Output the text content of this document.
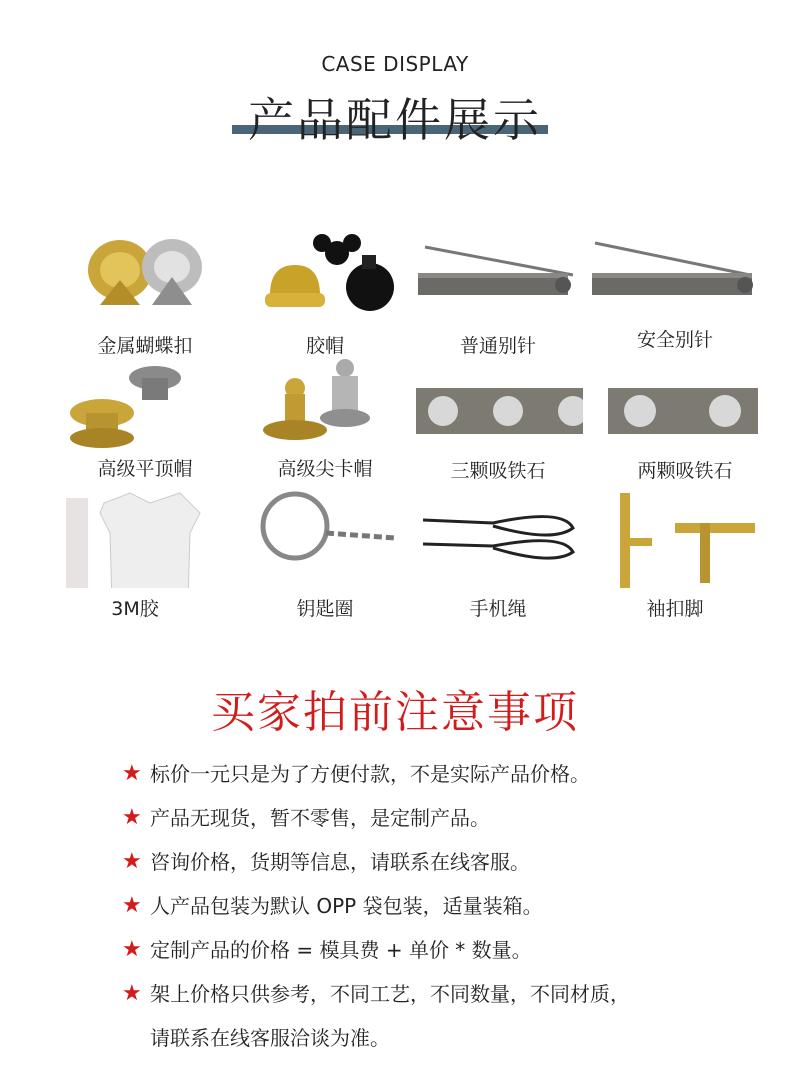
CASE DISPLAY
产品配件展示
金属蝴蝶扣	胶帽	普通别针	安全别针
高级平顶帽	高级尖卡帽	三颗吸铁石	两颗吸铁石
3M胶	钥匙圈	手机绳	袖扣脚
买家拍前注意事项
★ 标价一元只是为了方便付款，不是实际产品价格。
★ 产品无现货，暂不零售，是定制产品。
★ 咨询价格，货期等信息，请联系在线客服。
★ 人产品包装为默认 OPP 袋包装，适量装箱。
★ 定制产品的价格 = 模具费 + 单价 * 数量。
★ 架上价格只供参考，不同工艺，不同数量，不同材质，
请联系在线客服洽谈为准。
